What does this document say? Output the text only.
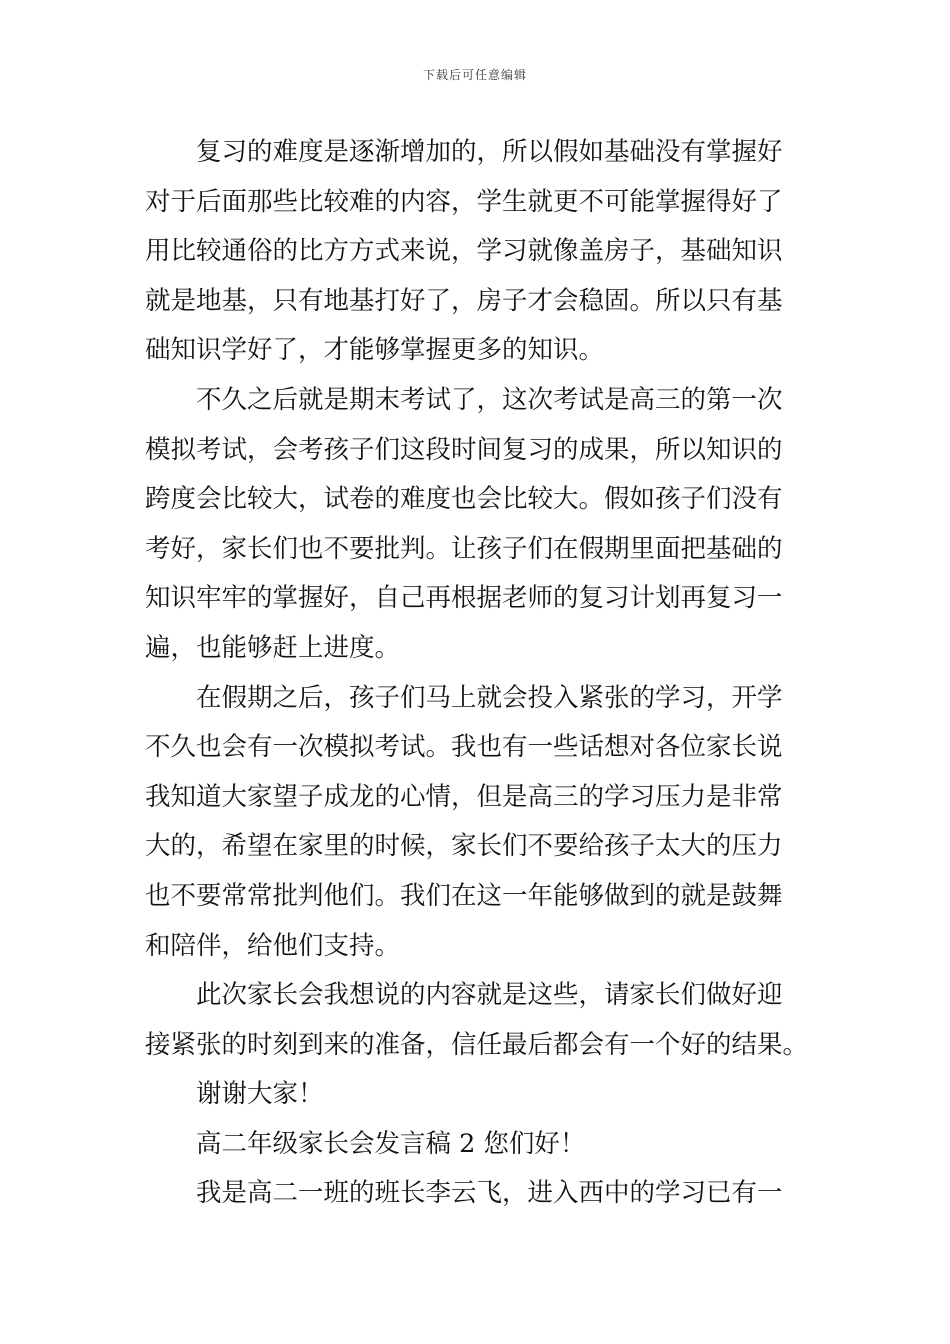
下载后可任意编辑
复习的难度是逐渐增加的，所以假如基础没有掌握好
对于后面那些比较难的内容，学生就更不可能掌握得好了
用比较通俗的比方方式来说，学习就像盖房子，基础知识
就是地基，只有地基打好了，房子才会稳固。所以只有基
础知识学好了，才能够掌握更多的知识。
不久之后就是期末考试了，这次考试是高三的第一次
模拟考试，会考孩子们这段时间复习的成果，所以知识的
跨度会比较大，试卷的难度也会比较大。假如孩子们没有
考好，家长们也不要批判。让孩子们在假期里面把基础的
知识牢牢的掌握好，自己再根据老师的复习计划再复习一
遍，也能够赶上进度。
在假期之后，孩子们马上就会投入紧张的学习，开学
不久也会有一次模拟考试。我也有一些话想对各位家长说
我知道大家望子成龙的心情，但是高三的学习压力是非常
大的，希望在家里的时候，家长们不要给孩子太大的压力
也不要常常批判他们。我们在这一年能够做到的就是鼓舞
和陪伴，给他们支持。
此次家长会我想说的内容就是这些，请家长们做好迎
接紧张的时刻到来的准备，信任最后都会有一个好的结果。
谢谢大家！
高二年级家长会发言稿 2 您们好！
我是高二一班的班长李云飞，进入西中的学习已有一
